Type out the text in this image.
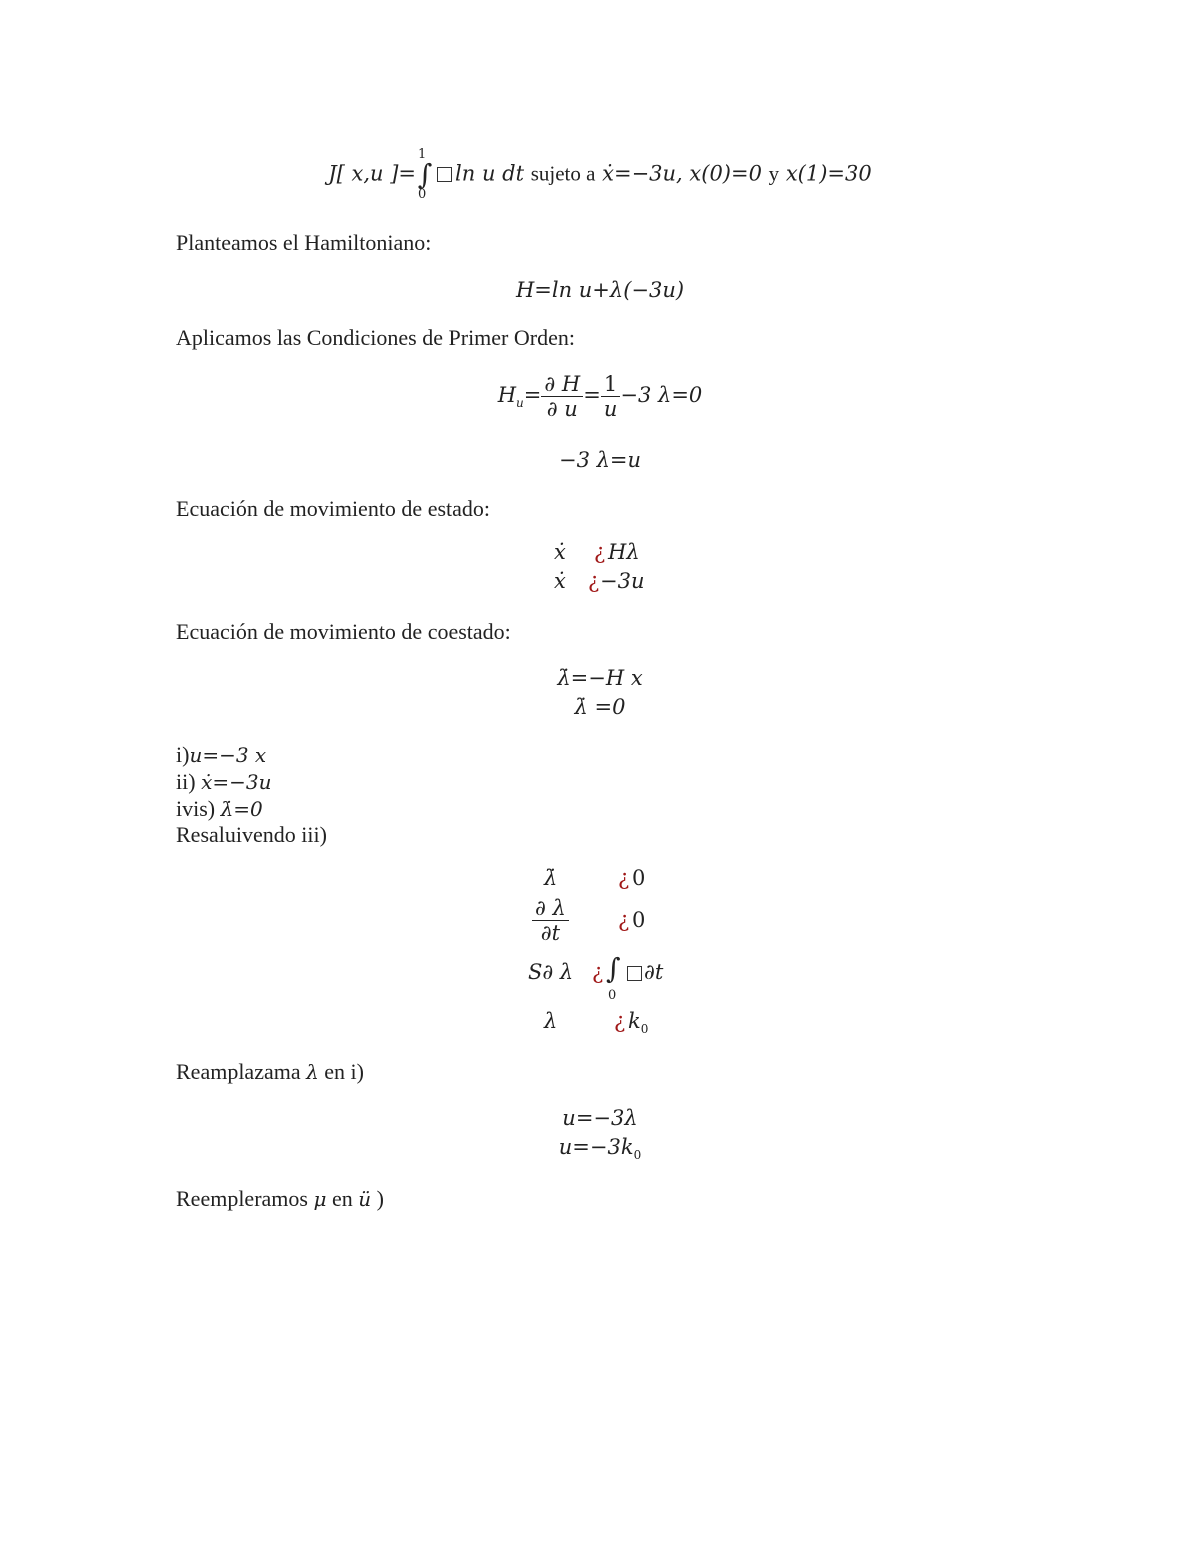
J[ x,u ]=∫
1
0
ln u dt sujeto a ẋ=−3u, x(0)=0 y x(1)=30
Planteamos el Hamiltoniano:
H=ln u+λ(−3u)
Aplicamos las Condiciones de Primer Orden:
$H_u= \frac{\partial H}{\partial u} = \frac{1}{u} -3$ λ=0
−3 λ=u
Ecuación de movimiento de estado:
ẋ ¿ Hλ
ẋ ¿ −3u
Ecuación de movimiento de coestado:
λ̇=−H x
λ̇ =0
i)u=−3 x
ii) ẋ=−3u
ivis) λ̇=0
Resaluivendo iii)
λ̇	¿ 0
$\frac{\partial \lambda}{\partial t}$ ¿ 0
S∂ λ ¿ ∫
0
∂t
λ	¿ $k_0$
Reamplazama λ en i)
u=−3λ
$u=-3k_0$
Reempleramos μ en ü )
